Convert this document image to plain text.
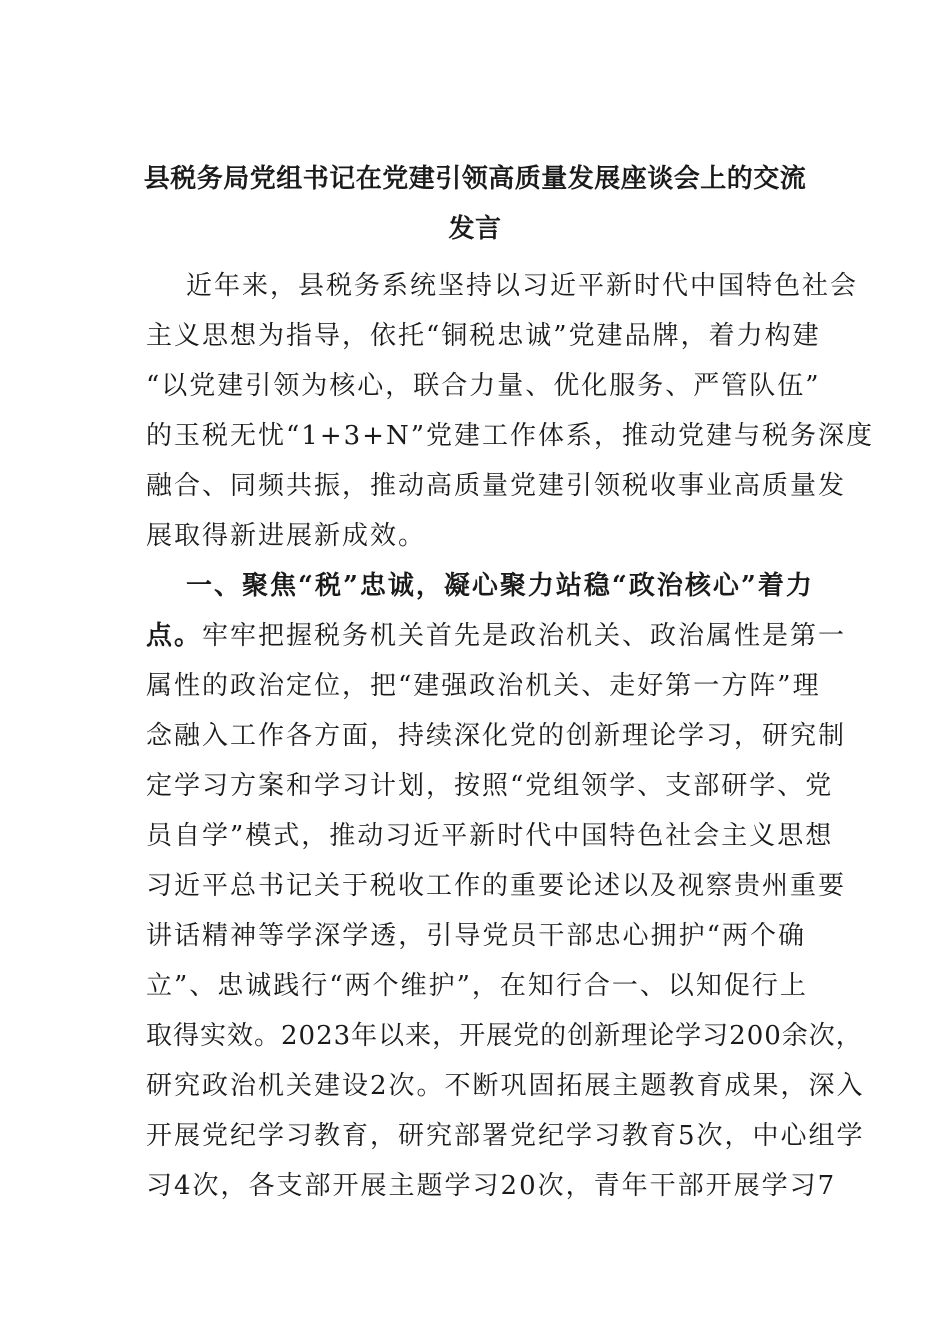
县税务局党组书记在党建引领高质量发展座谈会上的交流
发言
近年来，县税务系统坚持以习近平新时代中国特色社会
主义思想为指导，依托“铜税忠诚”党建品牌，着力构建
“以党建引领为核心，联合力量、优化服务、严管队伍”
的玉税无忧“1+3+N”党建工作体系，推动党建与税务深度
融合、同频共振，推动高质量党建引领税收事业高质量发
展取得新进展新成效。
一、聚焦“税”忠诚，凝心聚力站稳“政治核心”着力
点。牢牢把握税务机关首先是政治机关、政治属性是第一
属性的政治定位，把“建强政治机关、走好第一方阵”理
念融入工作各方面，持续深化党的创新理论学习，研究制
定学习方案和学习计划，按照“党组领学、支部研学、党
员自学”模式，推动习近平新时代中国特色社会主义思想
习近平总书记关于税收工作的重要论述以及视察贵州重要
讲话精神等学深学透，引导党员干部忠心拥护“两个确
立”、忠诚践行“两个维护”，在知行合一、以知促行上
取得实效。2023年以来，开展党的创新理论学习200余次，
研究政治机关建设2次。不断巩固拓展主题教育成果，深入
开展党纪学习教育，研究部署党纪学习教育5次，中心组学
习4次，各支部开展主题学习20次，青年干部开展学习7
